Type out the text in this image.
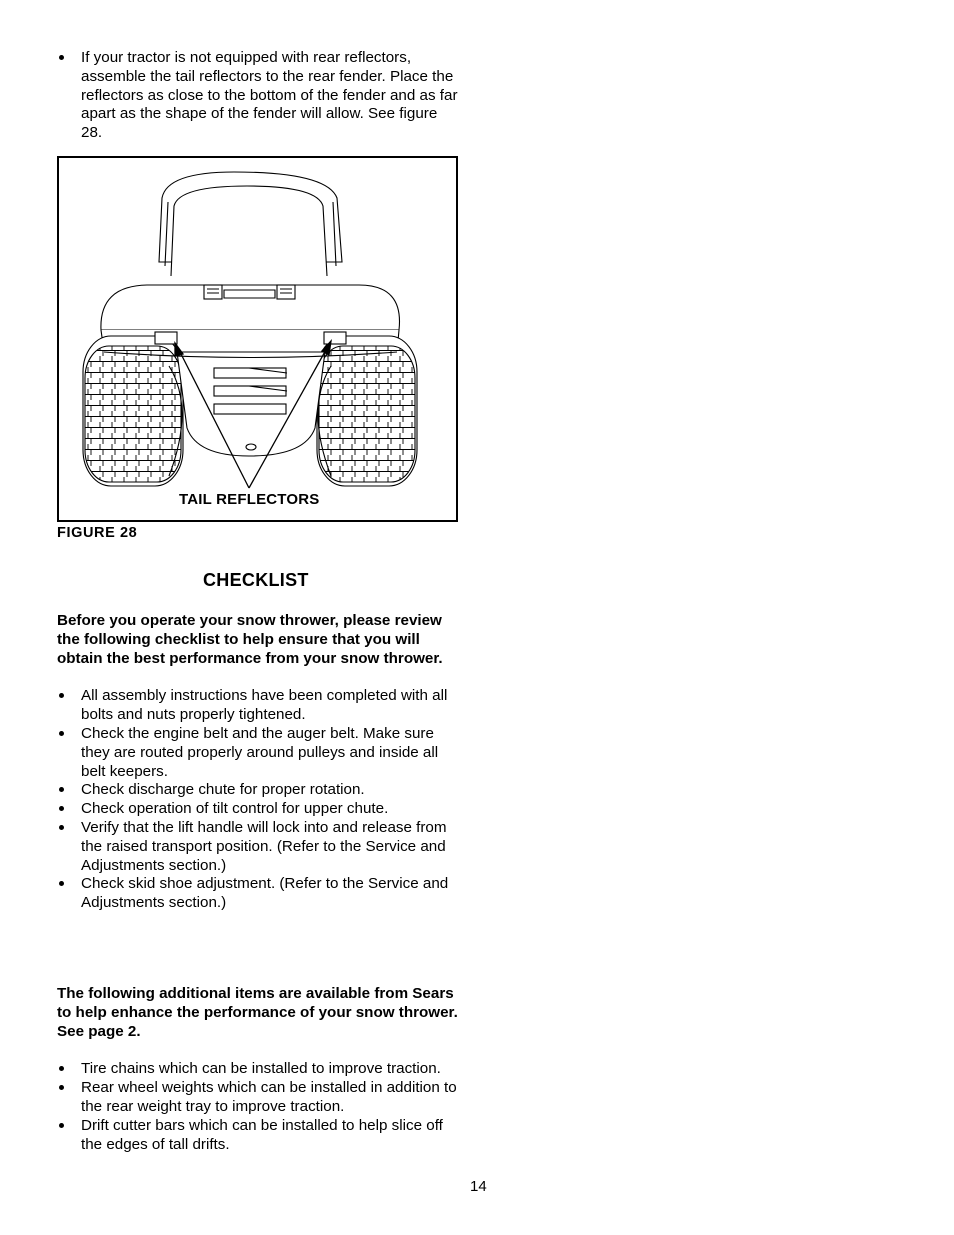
If your tractor is not equipped with rear reflectors, assemble the tail reflectors to the rear fender. Place the reflectors as close to the bottom of the fender and as far apart as the shape of the fender will allow. See figure 28.
TAIL REFLECTORS
FIGURE 28
CHECKLIST

Before you operate your snow thrower, please review the following checklist to help ensure that you will obtain the best performance from your snow thrower.

All assembly instructions have been completed with all bolts and nuts properly tightened.
Check the engine belt and the auger belt. Make sure they are routed properly around pulleys and inside all belt keepers.
Check discharge chute for proper rotation.
Check operation of tilt control for upper chute.
Verify that the lift handle will lock into and release from the raised transport position. (Refer to the Service and Adjustments section.)
Check skid shoe adjustment. (Refer to the Service and Adjustments section.)

The following additional items are available from Sears to help enhance the performance of your snow thrower. See page 2.

Tire chains which can be installed to improve traction.
Rear wheel weights which can be installed in addition to the rear weight tray to improve traction.
Drift cutter bars which can be installed to help slice off the edges of tall drifts.
14
